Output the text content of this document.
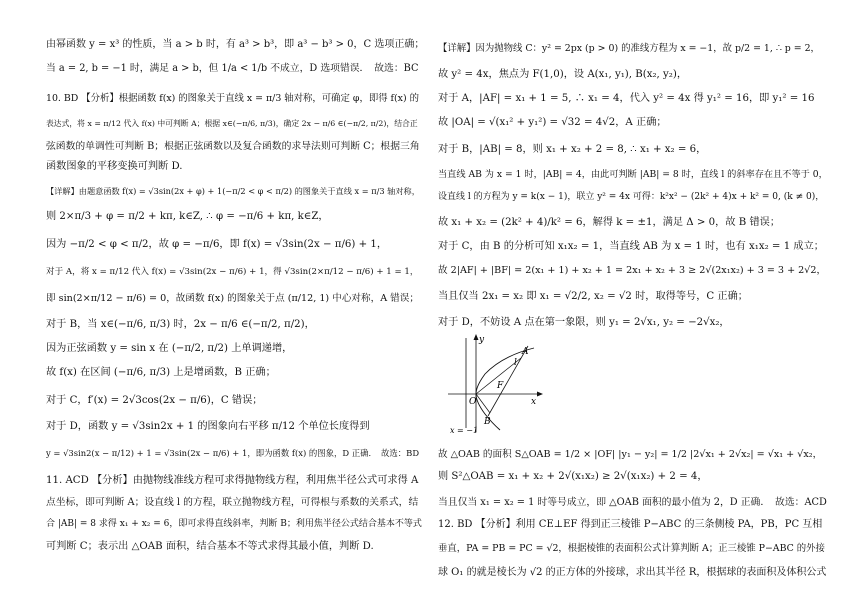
由幂函数 y = x³ 的性质，当 a > b 时，有 a³ > b³，即 a³ − b³ > 0，C 选项正确；
当 a = 2, b = −1 时，满足 a > b，但 1/a < 1/b 不成立，D 选项错误．　故选：BC
10. BD 【分析】根据函数 f(x) 的图象关于直线 x = π/3 轴对称，可确定 φ，即得 f(x) 的
表达式，将 x = π/12 代入 f(x) 中可判断 A；根据 x∈(−π/6, π/3)，确定 2x − π/6 ∈(−π/2, π/2)，结合正
弦函数的单调性可判断 B；根据正弦函数以及复合函数的求导法则可判断 C；根据三角
函数图象的平移变换可判断 D.
【详解】由题意函数 f(x) = √3sin(2x + φ) + 1(−π/2 < φ < π/2) 的图象关于直线 x = π/3 轴对称，
则 2×π/3 + φ = π/2 + kπ, k∈Z, ∴ φ = −π/6 + kπ, k∈Z，
因为 −π/2 < φ < π/2，故 φ = −π/6，即 f(x) = √3sin(2x − π/6) + 1，
对于 A，将 x = π/12 代入 f(x) = √3sin(2x − π/6) + 1，得 √3sin(2×π/12 − π/6) + 1 = 1，
即 sin(2×π/12 − π/6) = 0，故函数 f(x) 的图象关于点 (π/12, 1) 中心对称，A 错误；
对于 B，当 x∈(−π/6, π/3) 时，2x − π/6 ∈(−π/2, π/2)，
因为正弦函数 y = sin x 在 (−π/2, π/2) 上单调递增，
故 f(x) 在区间 (−π/6, π/3) 上是增函数，B 正确；
对于 C，f′(x) = 2√3cos(2x − π/6)，C 错误；
对于 D，函数 y = √3sin2x + 1 的图象向右平移 π/12 个单位长度得到
y = √3sin2(x − π/12) + 1 = √3sin(2x − π/6) + 1，即为函数 f(x) 的图象，D 正确．　故选：BD
11. ACD 【分析】由抛物线准线方程可求得抛物线方程，利用焦半径公式可求得 A
点坐标，即可判断 A；设直线 l 的方程，联立抛物线方程，可得根与系数的关系式，结
合 |AB| = 8 求得 x₁ + x₂ = 6，即可求得直线斜率，判断 B；利用焦半径公式结合基本不等式
可判断 C；表示出 △OAB 面积，结合基本不等式求得其最小值，判断 D.
【详解】因为抛物线 C：y² = 2px (p > 0) 的准线方程为 x = −1，故 p/2 = 1, ∴ p = 2，
故 y² = 4x，焦点为 F(1,0)，设 A(x₁, y₁), B(x₂, y₂)，
对于 A，|AF| = x₁ + 1 = 5, ∴ x₁ = 4，代入 y² = 4x 得 y₁² = 16，即 y₁² = 16
故 |OA| = √(x₁² + y₁²) = √32 = 4√2，A 正确；
对于 B，|AB| = 8，则 x₁ + x₂ + 2 = 8, ∴ x₁ + x₂ = 6，
当直线 AB 为 x = 1 时，|AB| = 4，由此可判断 |AB| = 8 时，直线 l 的斜率存在且不等于 0，
设直线 l 的方程为 y = k(x − 1)，联立 y² = 4x 可得：k²x² − (2k² + 4)x + k² = 0, (k ≠ 0)，
故 x₁ + x₂ = (2k² + 4)/k² = 6，解得 k = ±1，满足 Δ > 0，故 B 错误；
对于 C，由 B 的分析可知 x₁x₂ = 1，当直线 AB 为 x = 1 时，也有 x₁x₂ = 1 成立；
故 2|AF| + |BF| = 2(x₁ + 1) + x₂ + 1 = 2x₁ + x₂ + 3 ≥ 2√(2x₁x₂) + 3 = 3 + 2√2，
当且仅当 2x₁ = x₂ 即 x₁ = √2/2, x₂ = √2 时，取得等号，C 正确；
对于 D，不妨设 A 点在第一象限，则 y₁ = 2√x₁, y₂ = −2√x₂，
A
l
F
O
B
x
y
x = −1
故 △OAB 的面积 S△OAB = 1/2 × |OF| |y₁ − y₂| = 1/2 |2√x₁ + 2√x₂| = √x₁ + √x₂，
则 S²△OAB = x₁ + x₂ + 2√(x₁x₂) ≥ 2√(x₁x₂) + 2 = 4，
当且仅当 x₁ = x₂ = 1 时等号成立，即 △OAB 面积的最小值为 2，D 正确．　故选：ACD
12. BD 【分析】利用 CE⊥EF 得到正三棱锥 P−ABC 的三条侧棱 PA，PB，PC 互相
垂直，PA = PB = PC = √2，根据棱锥的表面积公式计算判断 A；正三棱锥 P−ABC 的外接
球 O₁ 的就是棱长为 √2 的正方体的外接球，求出其半径 R，根据球的表面积及体积公式
